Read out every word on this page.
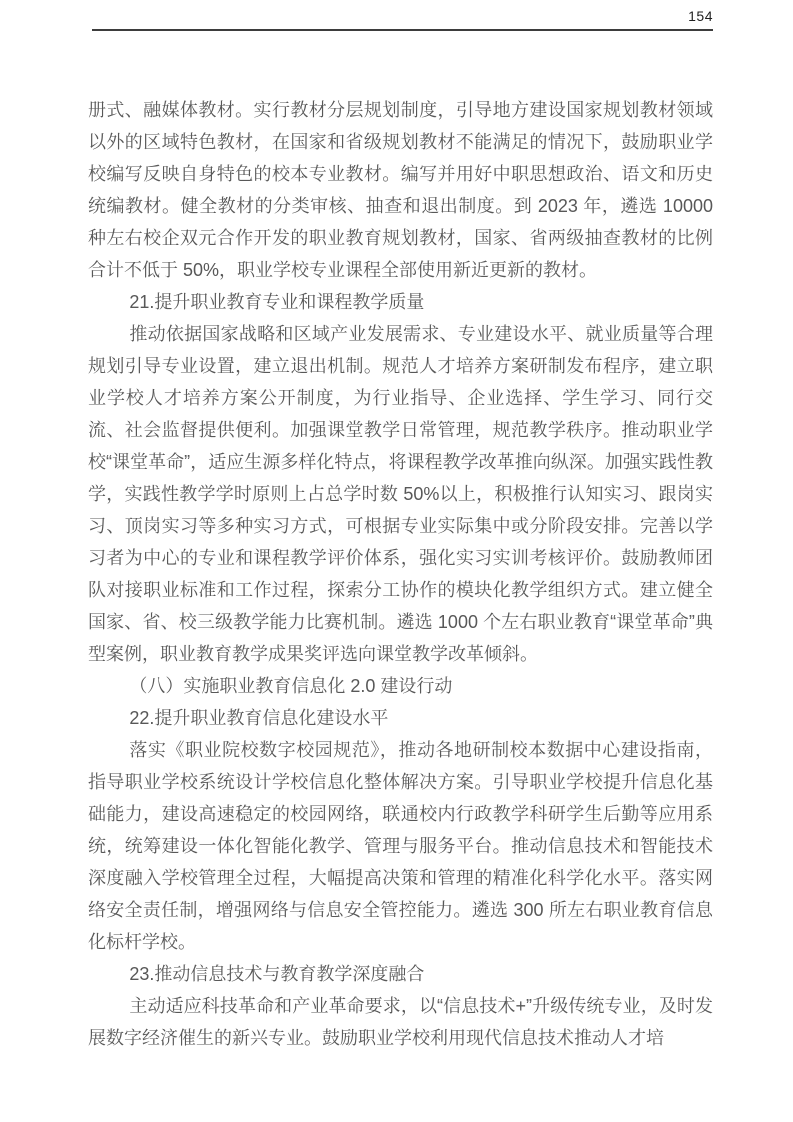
154

册式、融媒体教材。实行教材分层规划制度，引导地方建设国家规划教材领域以外的区域特色教材，在国家和省级规划教材不能满足的情况下，鼓励职业学校编写反映自身特色的校本专业教材。编写并用好中职思想政治、语文和历史统编教材。健全教材的分类审核、抽查和退出制度。到 2023 年，遴选 10000 种左右校企双元合作开发的职业教育规划教材，国家、省两级抽查教材的比例合计不低于 50%，职业学校专业课程全部使用新近更新的教材。

21.提升职业教育专业和课程教学质量

推动依据国家战略和区域产业发展需求、专业建设水平、就业质量等合理规划引导专业设置，建立退出机制。规范人才培养方案研制发布程序，建立职业学校人才培养方案公开制度，为行业指导、企业选择、学生学习、同行交流、社会监督提供便利。加强课堂教学日常管理，规范教学秩序。推动职业学校“课堂革命”，适应生源多样化特点，将课程教学改革推向纵深。加强实践性教学，实践性教学学时原则上占总学时数 50%以上，积极推行认知实习、跟岗实习、顶岗实习等多种实习方式，可根据专业实际集中或分阶段安排。完善以学习者为中心的专业和课程教学评价体系，强化实习实训考核评价。鼓励教师团队对接职业标准和工作过程，探索分工协作的模块化教学组织方式。建立健全国家、省、校三级教学能力比赛机制。遴选 1000 个左右职业教育“课堂革命”典型案例，职业教育教学成果奖评选向课堂教学改革倾斜。

（八）实施职业教育信息化 2.0 建设行动

22.提升职业教育信息化建设水平

落实《职业院校数字校园规范》，推动各地研制校本数据中心建设指南，指导职业学校系统设计学校信息化整体解决方案。引导职业学校提升信息化基础能力，建设高速稳定的校园网络，联通校内行政教学科研学生后勤等应用系统，统筹建设一体化智能化教学、管理与服务平台。推动信息技术和智能技术深度融入学校管理全过程，大幅提高决策和管理的精准化科学化水平。落实网络安全责任制，增强网络与信息安全管控能力。遴选 300 所左右职业教育信息化标杆学校。

23.推动信息技术与教育教学深度融合

主动适应科技革命和产业革命要求，以“信息技术+”升级传统专业，及时发展数字经济催生的新兴专业。鼓励职业学校利用现代信息技术推动人才培
